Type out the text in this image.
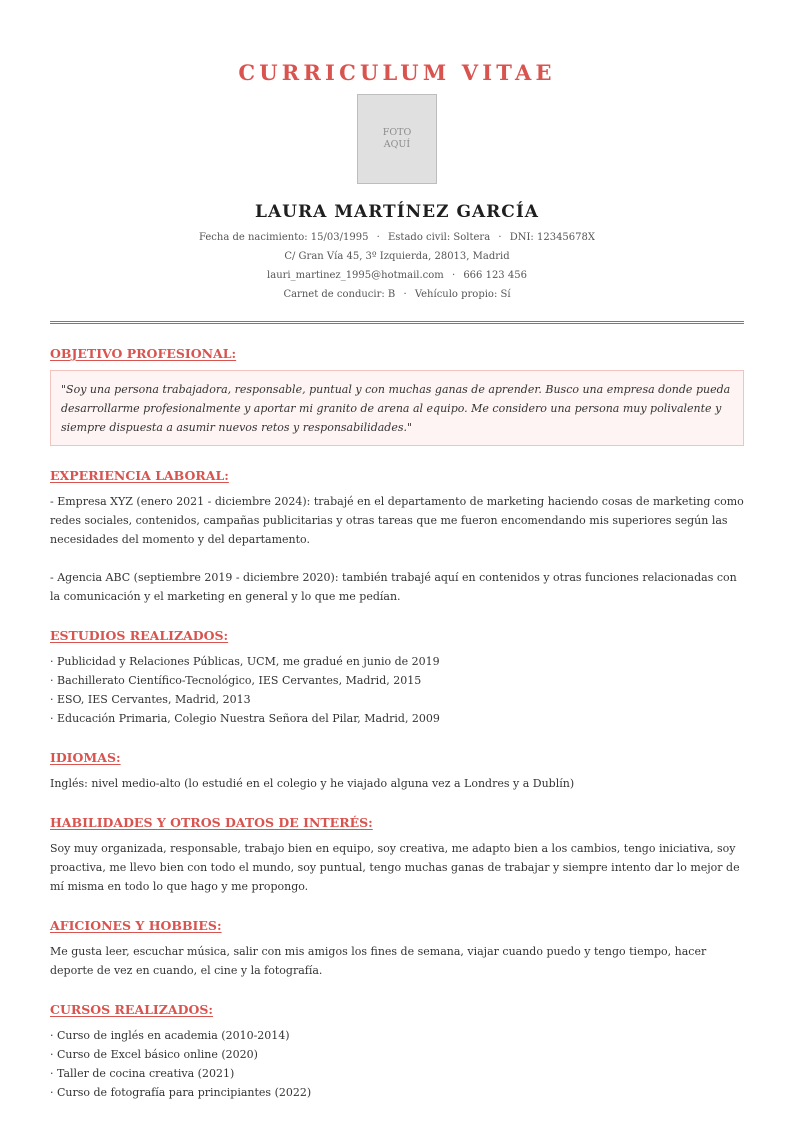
CURRICULUM VITAE
FOTO
AQUÍ
LAURA MARTÍNEZ GARCÍA
Fecha de nacimiento: 15/03/1995 · Estado civil: Soltera · DNI: 12345678X
C/ Gran Vía 45, 3º Izquierda, 28013, Madrid
lauri_martinez_1995@hotmail.com · 666 123 456
Carnet de conducir: B · Vehículo propio: Sí
OBJETIVO PROFESIONAL:
"Soy una persona trabajadora, responsable, puntual y con muchas ganas de aprender. Busco una empresa donde pueda desarrollarme profesionalmente y aportar mi granito de arena al equipo. Me considero una persona muy polivalente y siempre dispuesta a asumir nuevos retos y responsabilidades."
EXPERIENCIA LABORAL:

- Empresa XYZ (enero 2021 - diciembre 2024): trabajé en el departamento de marketing haciendo cosas de marketing como redes sociales, contenidos, campañas publicitarias y otras tareas que me fueron encomendando mis superiores según las necesidades del momento y del departamento.

- Agencia ABC (septiembre 2019 - diciembre 2020): también trabajé aquí en contenidos y otras funciones relacionadas con la comunicación y el marketing en general y lo que me pedían.

ESTUDIOS REALIZADOS:
· Publicidad y Relaciones Públicas, UCM, me gradué en junio de 2019
· Bachillerato Científico-Tecnológico, IES Cervantes, Madrid, 2015
· ESO, IES Cervantes, Madrid, 2013
· Educación Primaria, Colegio Nuestra Señora del Pilar, Madrid, 2009
IDIOMAS:

Inglés: nivel medio-alto (lo estudié en el colegio y he viajado alguna vez a Londres y a Dublín)

HABILIDADES Y OTROS DATOS DE INTERÉS:

Soy muy organizada, responsable, trabajo bien en equipo, soy creativa, me adapto bien a los cambios, tengo iniciativa, soy proactiva, me llevo bien con todo el mundo, soy puntual, tengo muchas ganas de trabajar y siempre intento dar lo mejor de mí misma en todo lo que hago y me propongo.

AFICIONES Y HOBBIES:

Me gusta leer, escuchar música, salir con mis amigos los fines de semana, viajar cuando puedo y tengo tiempo, hacer deporte de vez en cuando, el cine y la fotografía.

CURSOS REALIZADOS:
· Curso de inglés en academia (2010-2014)
· Curso de Excel básico online (2020)
· Taller de cocina creativa (2021)
· Curso de fotografía para principiantes (2022)
